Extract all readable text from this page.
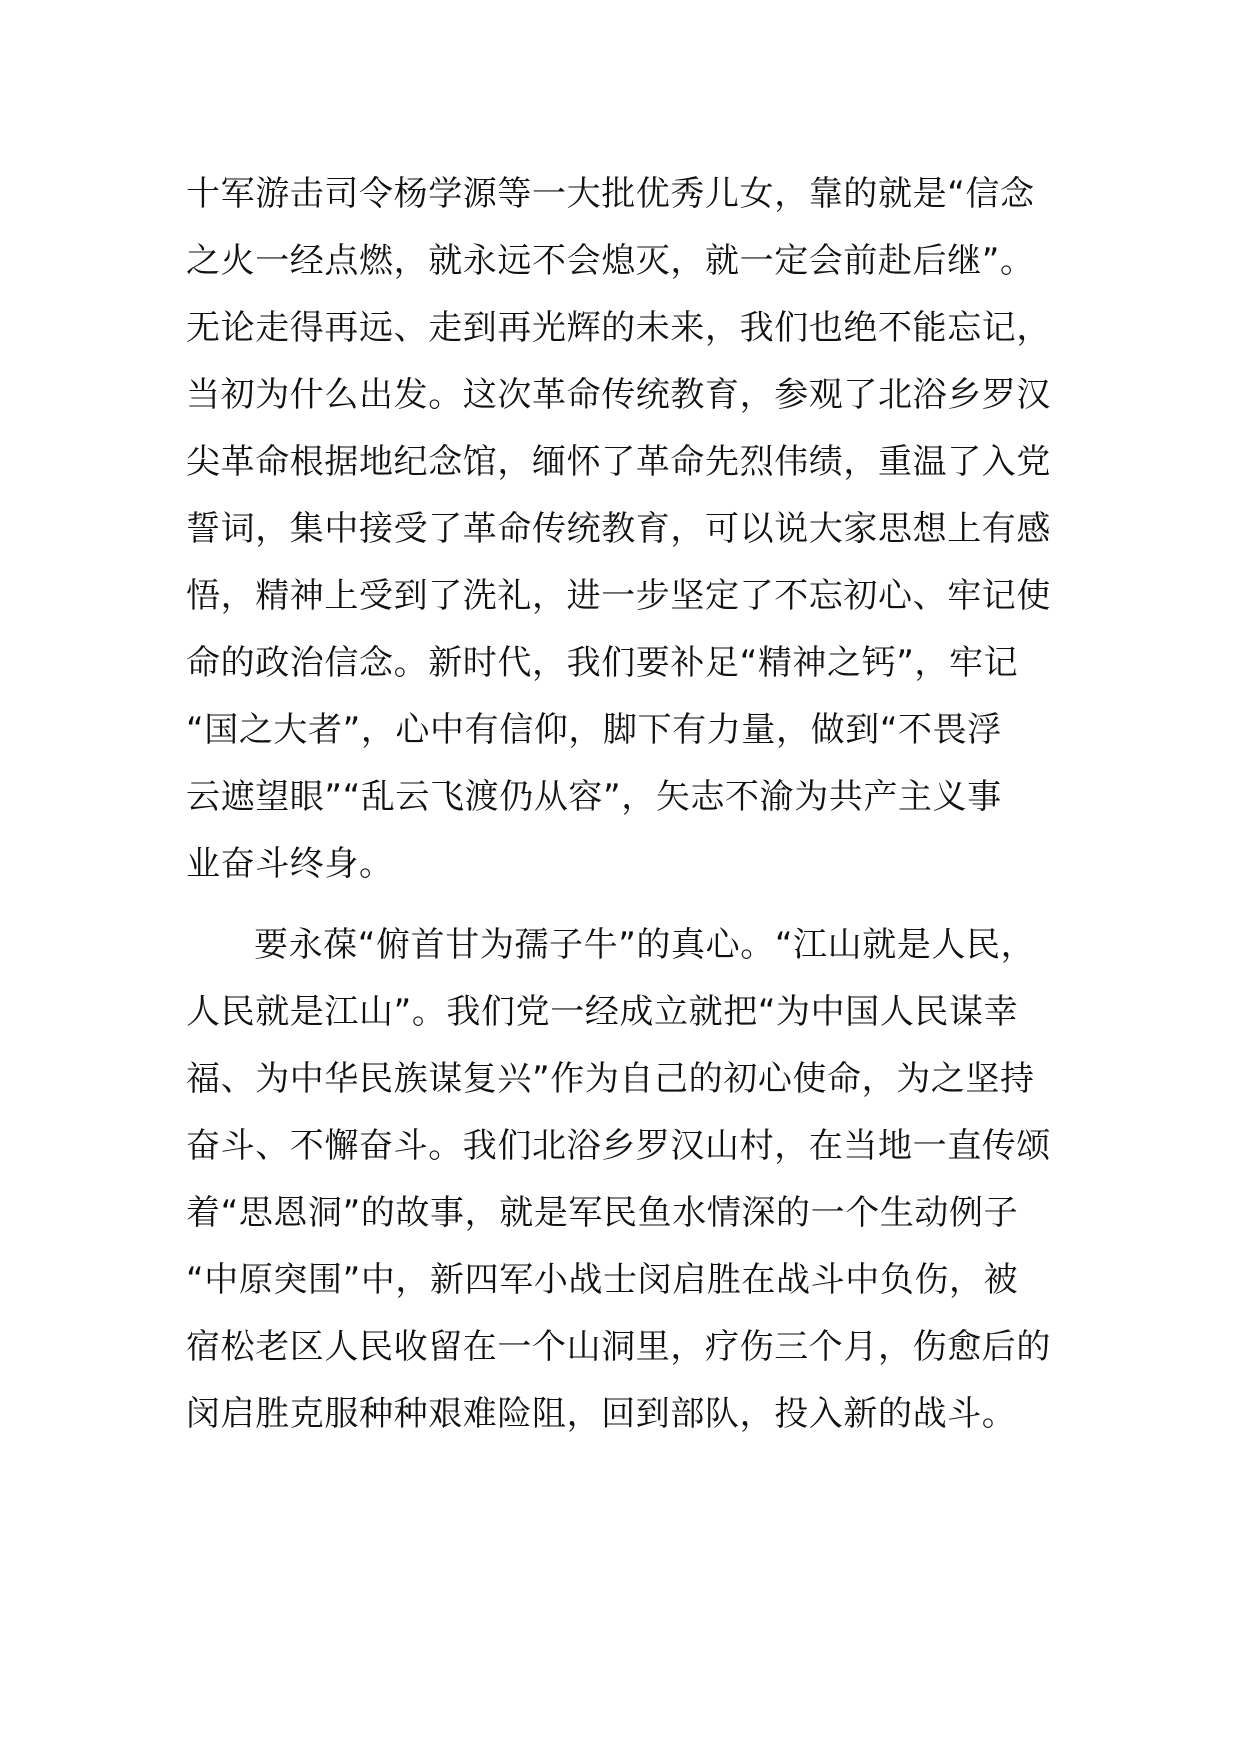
十军游击司令杨学源等一大批优秀儿女，靠的就是“信念
之火一经点燃，就永远不会熄灭，就一定会前赴后继”。
无论走得再远、走到再光辉的未来，我们也绝不能忘记，
当初为什么出发。这次革命传统教育，参观了北浴乡罗汉
尖革命根据地纪念馆，缅怀了革命先烈伟绩，重温了入党
誓词，集中接受了革命传统教育，可以说大家思想上有感
悟，精神上受到了洗礼，进一步坚定了不忘初心、牢记使
命的政治信念。新时代，我们要补足“精神之钙”，牢记
“国之大者”，心中有信仰，脚下有力量，做到“不畏浮
云遮望眼”“乱云飞渡仍从容”，矢志不渝为共产主义事
业奋斗终身。
要永葆“俯首甘为孺子牛”的真心。“江山就是人民，
人民就是江山”。我们党一经成立就把“为中国人民谋幸
福、为中华民族谋复兴”作为自己的初心使命，为之坚持
奋斗、不懈奋斗。我们北浴乡罗汉山村，在当地一直传颂
着“思恩洞”的故事，就是军民鱼水情深的一个生动例子
“中原突围”中，新四军小战士闵启胜在战斗中负伤，被
宿松老区人民收留在一个山洞里，疗伤三个月，伤愈后的
闵启胜克服种种艰难险阻，回到部队，投入新的战斗。
